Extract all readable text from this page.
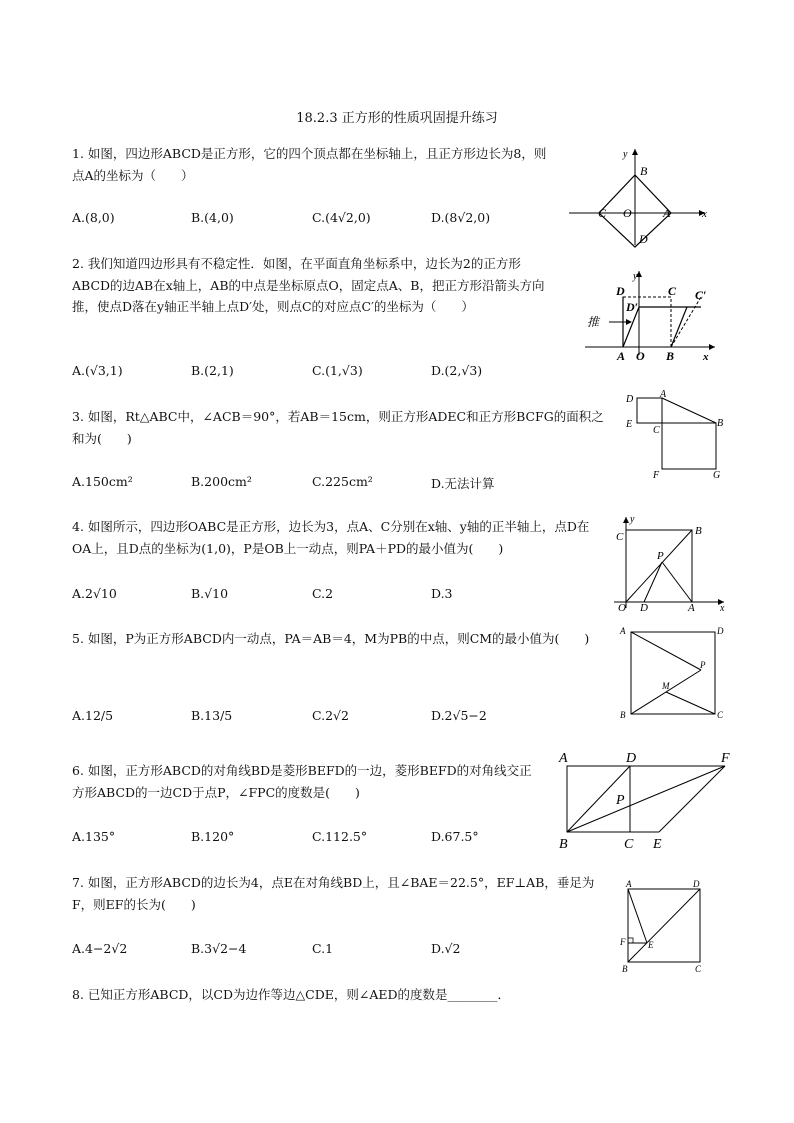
18.2.3 正方形的性质巩固提升练习
1. 如图，四边形ABCD是正方形，它的四个顶点都在坐标轴上，且正方形边长为8，则点A的坐标为（　　）
A.(8,0)	B.(4,0)	C.(4√2,0)	D.(8√2,0)
y
B
C O	A	x
D
2. 我们知道四边形具有不稳定性．如图，在平面直角坐标系中，边长为2的正方形ABCD的边AB在x轴上，AB的中点是坐标原点O，固定点A、B，把正方形沿箭头方向推，使点D落在y轴正半轴上点D′处，则点C的对应点C′的坐标为（　　）
A.(√3,1)	B.(2,1)	C.(1,√3)	D.(2,√3)
y
D	C C′
D′
推
A O B	x
3. 如图，Rt△ABC中，∠ACB＝90°，若AB＝15cm，则正方形ADEC和正方形BCFG的面积之和为(　　)
A.150cm²	B.200cm²	C.225cm²	D.无法计算
D	A
E
C
B
F	G
4. 如图所示，四边形OABC是正方形，边长为3，点A、C分别在x轴、y轴的正半轴上，点D在OA上，且D点的坐标为(1,0)，P是OB上一动点，则PA＋PD的最小值为(　　)
A.2√10	B.√10	C.2	D.3
y
C	B
P
O D	A	x
5. 如图，P为正方形ABCD内一动点，PA＝AB＝4，M为PB的中点，则CM的最小值为(　　)
A.12/5	B.13/5	C.2√2	D.2√5−2
A	D
P
M
B	C
6. 如图，正方形ABCD的对角线BD是菱形BEFD的一边，菱形BEFD的对角线交正方形ABCD的一边CD于点P，∠FPC的度数是(　　)
A.135°	B.120°	C.112.5°	D.67.5°
A	D	F
P
B	C E
7. 如图，正方形ABCD的边长为4，点E在对角线BD上，且∠BAE＝22.5°，EF⊥AB，垂足为F，则EF的长为(　　)
A.4−2√2	B.3√2−4	C.1	D.√2
A	D
F	E
B	C
8. 已知正方形ABCD，以CD为边作等边△CDE，则∠AED的度数是________．
